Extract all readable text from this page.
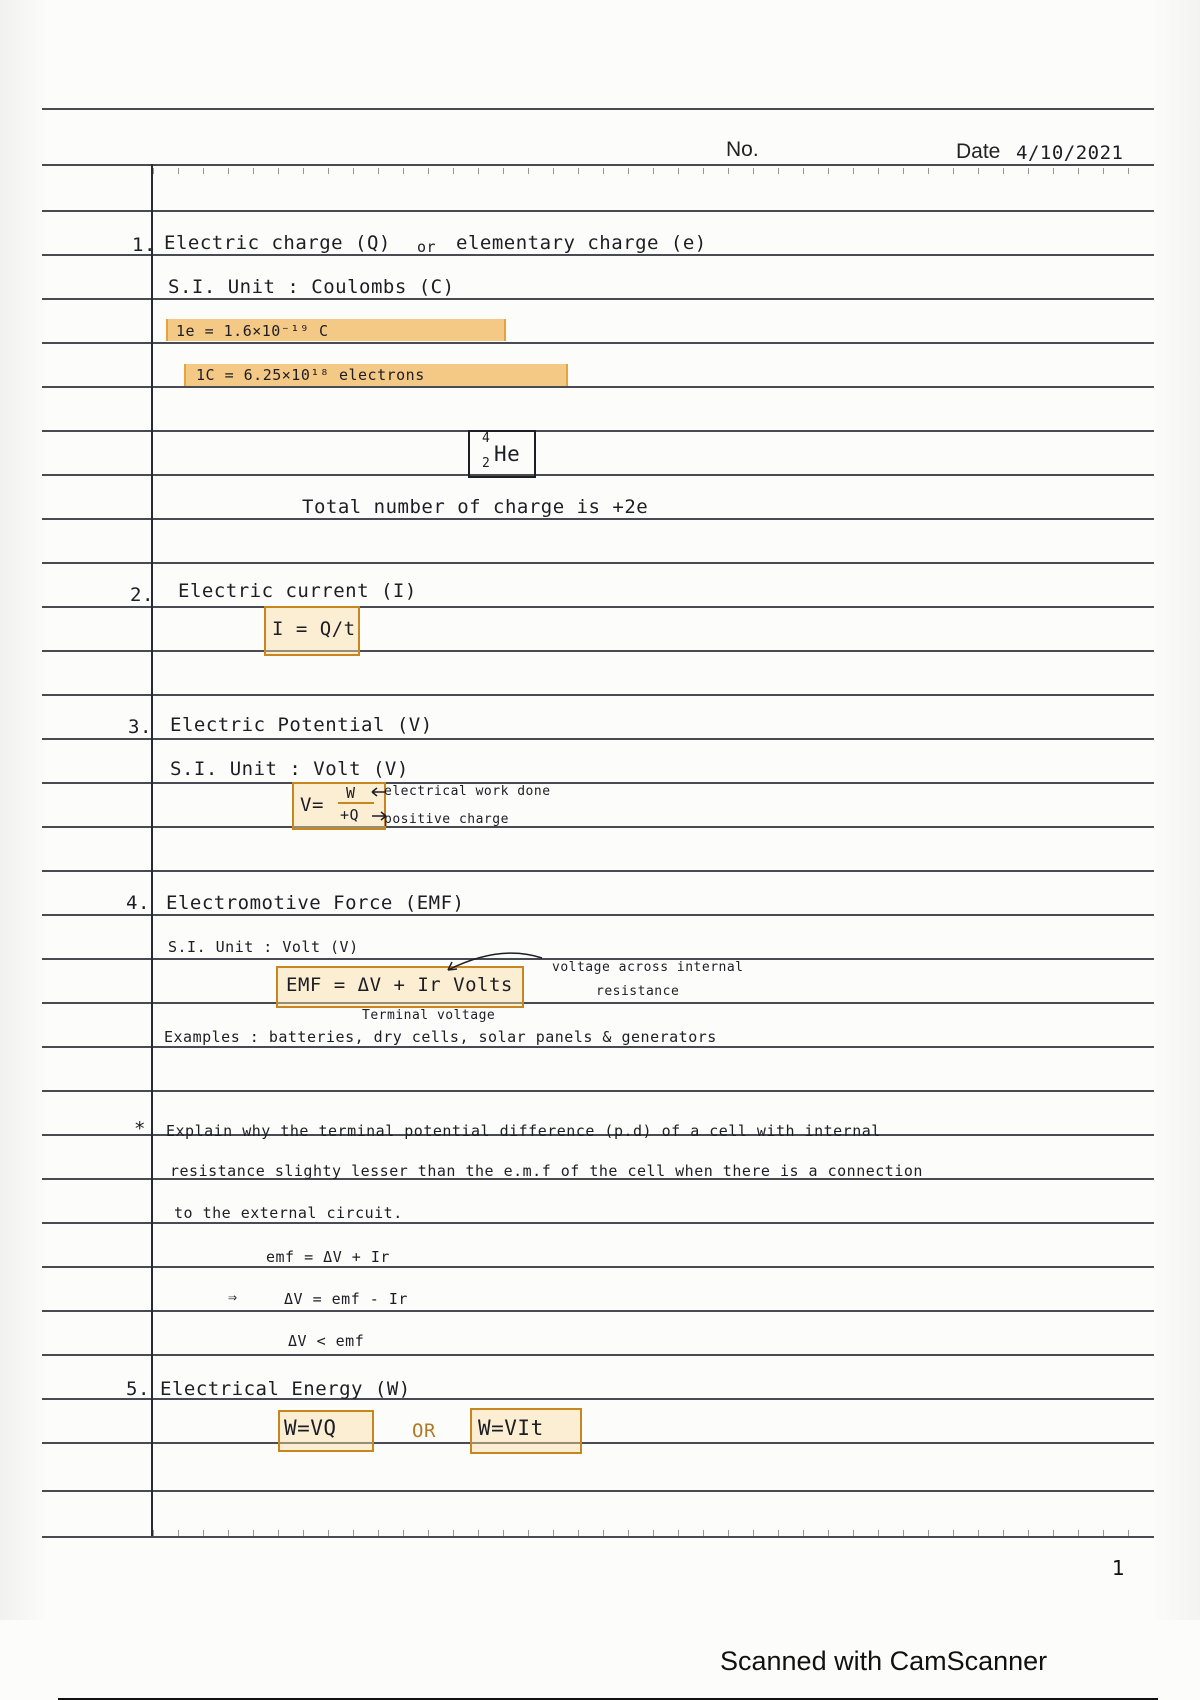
No.	Date 4/10/2021
1. Electric charge (Q) or elementary charge (e)
S.I. Unit : Coulombs (C)
1e = 1.6×10⁻¹⁹ C
1C = 6.25×10¹⁸ electrons
4
2 He
Total number of charge is +2e
2. Electric current (I)
I = Q/t
3. Electric Potential (V)
S.I. Unit : Volt (V)
V=
W
+Q
electrical work done
positive charge
4. Electromotive Force (EMF)
S.I. Unit : Volt (V)
EMF = ΔV + Ir Volts
voltage across internal
resistance
Terminal voltage
Examples : batteries, dry cells, solar panels & generators
* Explain why the terminal potential difference (p.d) of a cell with internal
resistance slighty lesser than the e.m.f of the cell when there is a connection
to the external circuit.
emf = ΔV + Ir
⇒	ΔV = emf - Ir
ΔV < emf
5. Electrical Energy (W)
W=VQ	OR W=VIt
1
Scanned with CamScanner
